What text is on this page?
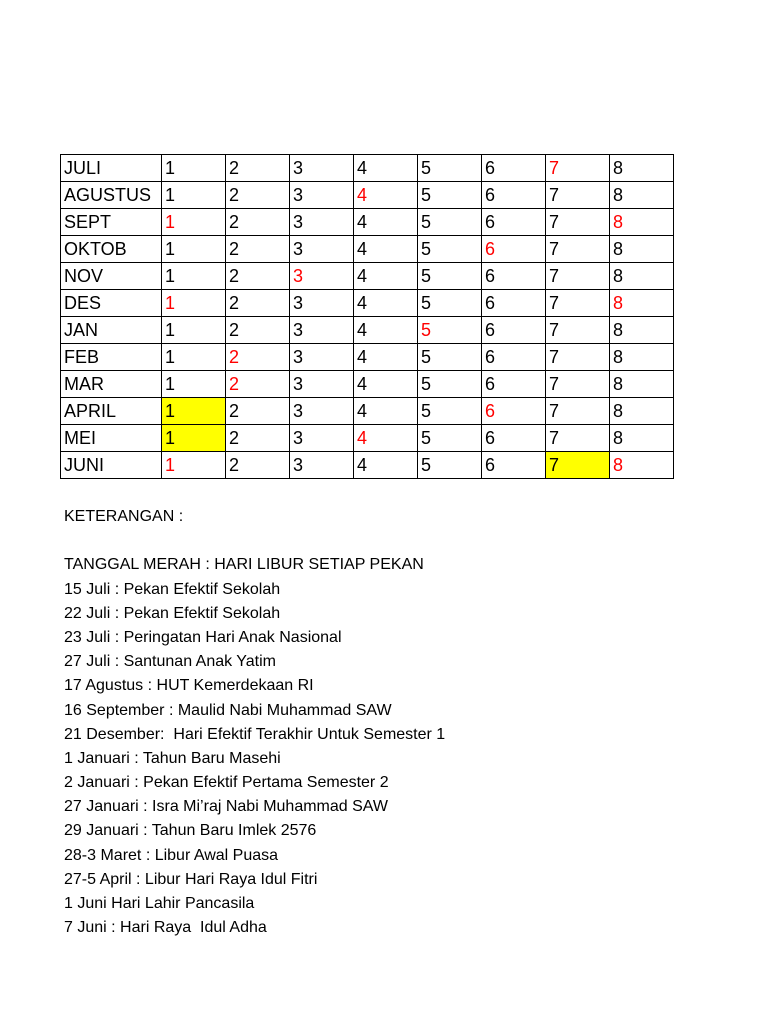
JULI	1	2	3	4	5	6	7	8
AGUSTUS	1	2	3	4	5	6	7	8
SEPT	1	2	3	4	5	6	7	8
OKTOB	1	2	3	4	5	6	7	8
NOV	1	2	3	4	5	6	7	8
DES	1	2	3	4	5	6	7	8
JAN	1	2	3	4	5	6	7	8
FEB	1	2	3	4	5	6	7	8
MAR	1	2	3	4	5	6	7	8
APRIL	1	2	3	4	5	6	7	8
MEI	1	2	3	4	5	6	7	8
JUNI	1	2	3	4	5	6	7	8
KETERANGAN :
TANGGAL MERAH : HARI LIBUR SETIAP PEKAN
15 Juli : Pekan Efektif Sekolah
22 Juli : Pekan Efektif Sekolah
23 Juli : Peringatan Hari Anak Nasional
27 Juli : Santunan Anak Yatim
17 Agustus : HUT Kemerdekaan RI
16 September : Maulid Nabi Muhammad SAW
21 Desember:  Hari Efektif Terakhir Untuk Semester 1
1 Januari : Tahun Baru Masehi
2 Januari : Pekan Efektif Pertama Semester 2
27 Januari : Isra Mi’raj Nabi Muhammad SAW
29 Januari : Tahun Baru Imlek 2576
28-3 Maret : Libur Awal Puasa
27-5 April : Libur Hari Raya Idul Fitri
1 Juni Hari Lahir Pancasila
7 Juni : Hari Raya  Idul Adha
